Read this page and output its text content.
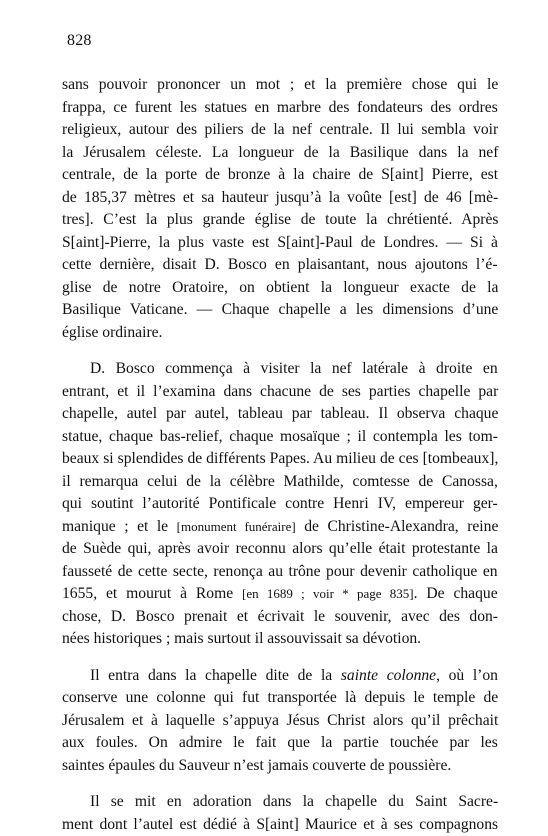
828
sans pouvoir prononcer un mot ; et la première chose qui le
frappa, ce furent les statues en marbre des fondateurs des ordres
religieux, autour des piliers de la nef centrale. Il lui sembla voir
la Jérusalem céleste. La longueur de la Basilique dans la nef
centrale, de la porte de bronze à la chaire de S[aint] Pierre, est
de 185,37 mètres et sa hauteur jusqu’à la voûte [est] de 46 [mè-
tres]. C’est la plus grande église de toute la chrétienté. Après
S[aint]-Pierre, la plus vaste est S[aint]-Paul de Londres. — Si à
cette dernière, disait D. Bosco en plaisantant, nous ajoutons l’é-
glise de notre Oratoire, on obtient la longueur exacte de la
Basilique Vaticane. — Chaque chapelle a les dimensions d’une
église ordinaire.
D. Bosco commença à visiter la nef latérale à droite en
entrant, et il l’examina dans chacune de ses parties chapelle par
chapelle, autel par autel, tableau par tableau. Il observa chaque
statue, chaque bas-relief, chaque mosaïque ; il contempla les tom-
beaux si splendides de différents Papes. Au milieu de ces [tombeaux],
il remarqua celui de la célèbre Mathilde, comtesse de Canossa,
qui soutint l’autorité Pontificale contre Henri IV, empereur ger-
manique ; et le [monument funéraire] de Christine-Alexandra, reine
de Suède qui, après avoir reconnu alors qu’elle était protestante la
fausseté de cette secte, renonça au trône pour devenir catholique en
1655, et mourut à Rome [en 1689 ; voir * page 835]. De chaque
chose, D. Bosco prenait et écrivait le souvenir, avec des don-
nées historiques ; mais surtout il assouvissait sa dévotion.
Il entra dans la chapelle dite de la sainte colonne, où l’on
conserve une colonne qui fut transportée là depuis le temple de
Jérusalem et à laquelle s’appuya Jésus Christ alors qu’il prêchait
aux foules. On admire le fait que la partie touchée par les
saintes épaules du Sauveur n’est jamais couverte de poussière.
Il se mit en adoration dans la chapelle du Saint Sacre-
ment dont l’autel est dédié à S[aint] Maurice et à ses compagnons
